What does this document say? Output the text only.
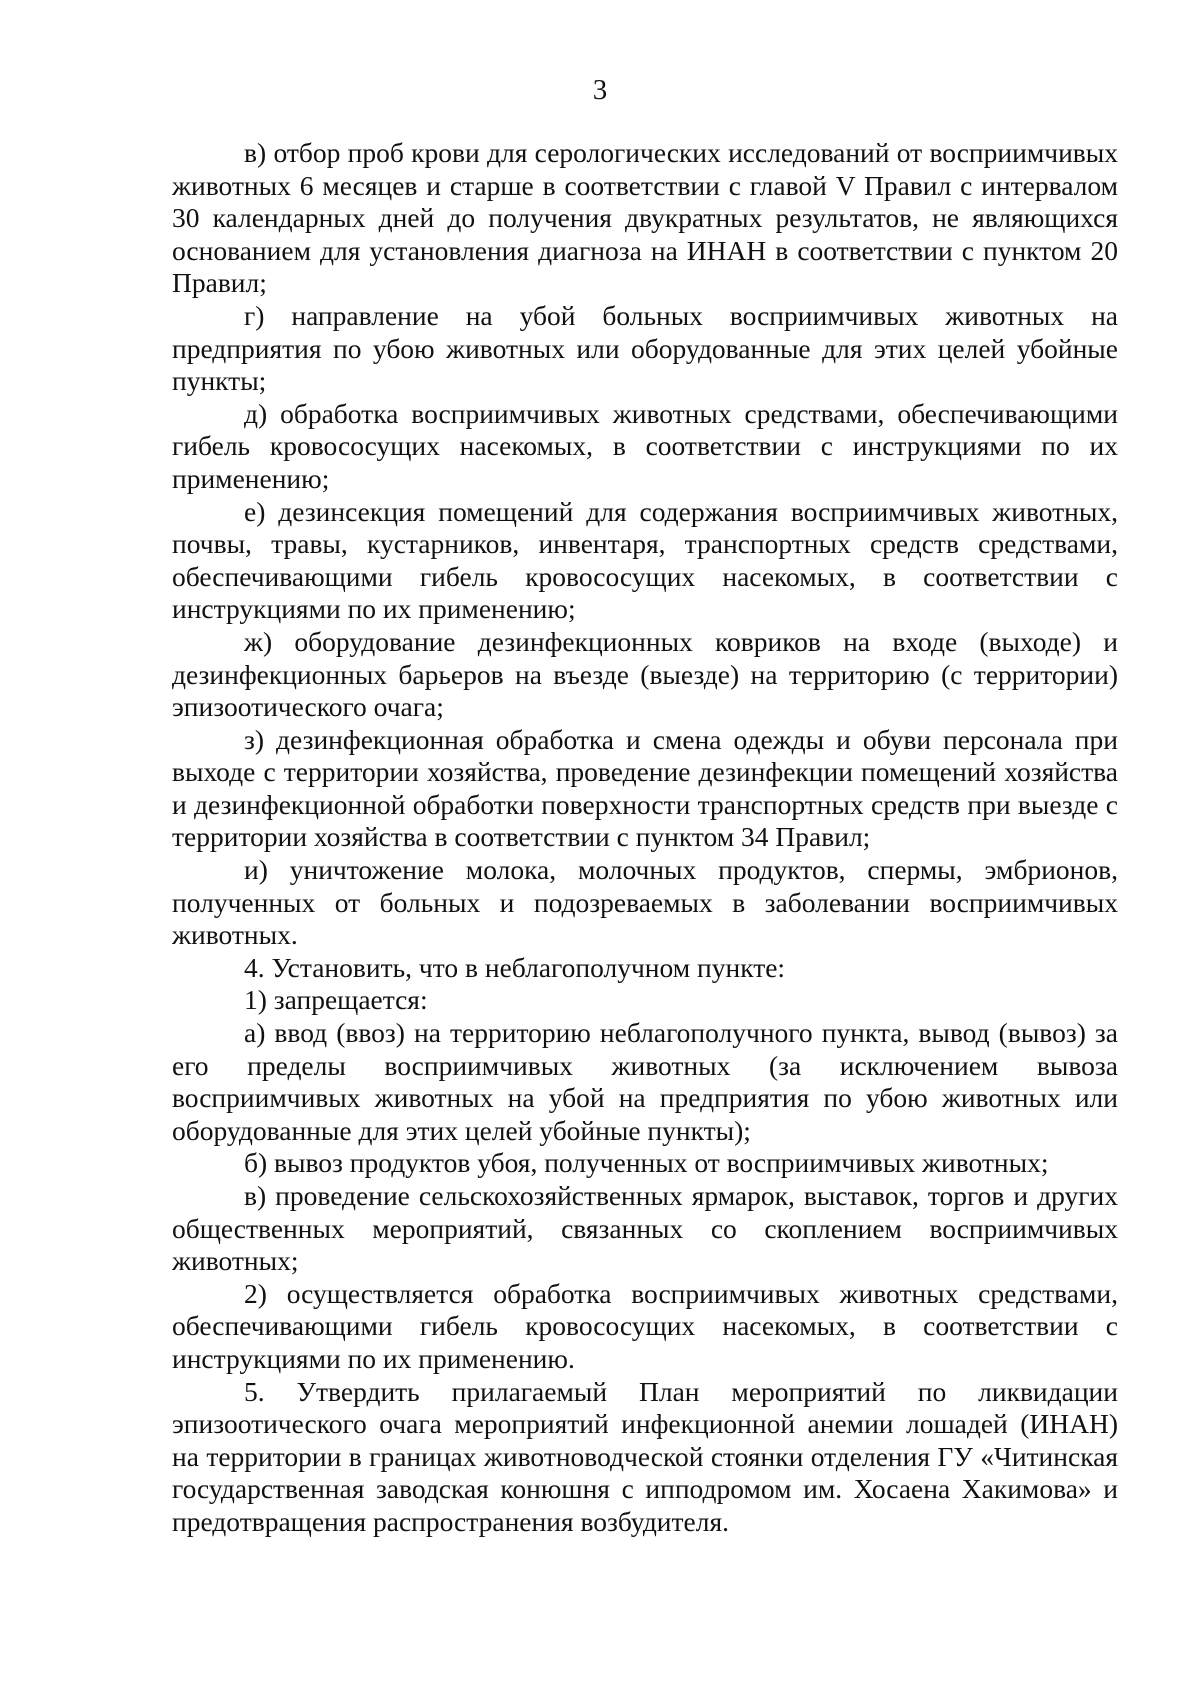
3

в) отбор проб крови для серологических исследований от восприимчивых животных 6 месяцев и старше в соответствии с главой V Правил с интервалом 30 календарных дней до получения двукратных результатов, не являющихся основанием для установления диагноза на ИНАН в соответствии с пунктом 20 Правил;

г) направление на убой больных восприимчивых животных на предприятия по убою животных или оборудованные для этих целей убойные пункты;

д) обработка восприимчивых животных средствами, обеспечивающими гибель кровососущих насекомых, в соответствии с инструкциями по их применению;

е) дезинсекция помещений для содержания восприимчивых животных, почвы, травы, кустарников, инвентаря, транспортных средств средствами, обеспечивающими гибель кровососущих насекомых, в соответствии с инструкциями по их применению;

ж) оборудование дезинфекционных ковриков на входе (выходе) и дезинфекционных барьеров на въезде (выезде) на территорию (с территории) эпизоотического очага;

з) дезинфекционная обработка и смена одежды и обуви персонала при выходе с территории хозяйства, проведение дезинфекции помещений хозяйства и дезинфекционной обработки поверхности транспортных средств при выезде с территории хозяйства в соответствии с пунктом 34 Правил;

и) уничтожение молока, молочных продуктов, спермы, эмбрионов, полученных от больных и подозреваемых в заболевании восприимчивых животных.

4. Установить, что в неблагополучном пункте:

1) запрещается:

а) ввод (ввоз) на территорию неблагополучного пункта, вывод (вывоз) за его пределы восприимчивых животных (за исключением вывоза восприимчивых животных на убой на предприятия по убою животных или оборудованные для этих целей убойные пункты);

б) вывоз продуктов убоя, полученных от восприимчивых животных;

в) проведение сельскохозяйственных ярмарок, выставок, торгов и других общественных мероприятий, связанных со скоплением восприимчивых животных;

2) осуществляется обработка восприимчивых животных средствами, обеспечивающими гибель кровососущих насекомых, в соответствии с инструкциями по их применению.

5. Утвердить прилагаемый План мероприятий по ликвидации эпизоотического очага мероприятий инфекционной анемии лошадей (ИНАН) на территории в границах животноводческой стоянки отделения ГУ «Читинская государственная заводская конюшня с ипподромом им. Хосаена Хакимова» и предотвращения распространения возбудителя.
